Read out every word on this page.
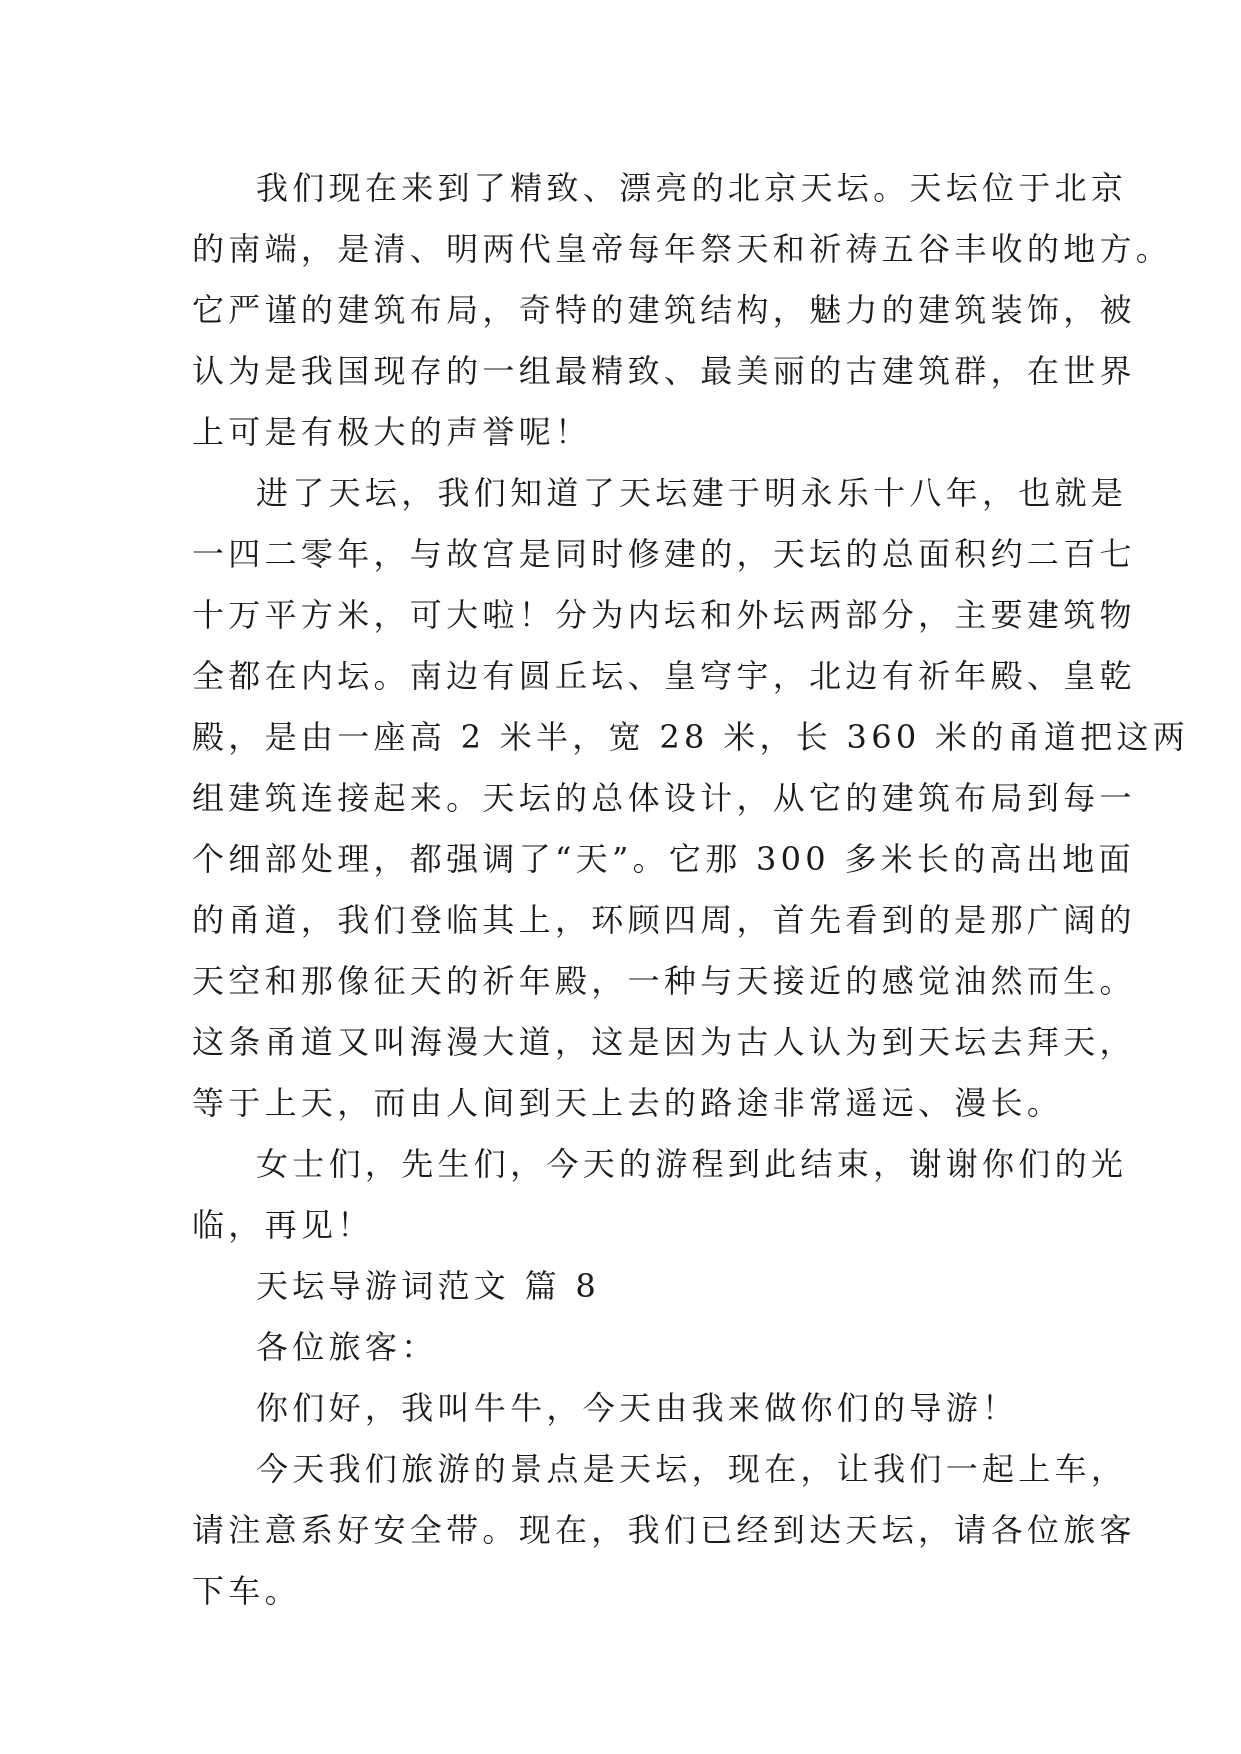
我们现在来到了精致、漂亮的北京天坛。天坛位于北京
的南端，是清、明两代皇帝每年祭天和祈祷五谷丰收的地方。
它严谨的建筑布局，奇特的建筑结构，魅力的建筑装饰，被
认为是我国现存的一组最精致、最美丽的古建筑群，在世界
上可是有极大的声誉呢！
进了天坛，我们知道了天坛建于明永乐十八年，也就是
一四二零年，与故宫是同时修建的，天坛的总面积约二百七
十万平方米，可大啦！分为内坛和外坛两部分，主要建筑物
全都在内坛。南边有圆丘坛、皇穹宇，北边有祈年殿、皇乾
殿，是由一座高 2 米半，宽 28 米，长 360 米的甬道把这两
组建筑连接起来。天坛的总体设计，从它的建筑布局到每一
个细部处理，都强调了“天”。它那 300 多米长的高出地面
的甬道，我们登临其上，环顾四周，首先看到的是那广阔的
天空和那像征天的祈年殿，一种与天接近的感觉油然而生。
这条甬道又叫海漫大道，这是因为古人认为到天坛去拜天，
等于上天，而由人间到天上去的路途非常遥远、漫长。
女士们，先生们，今天的游程到此结束，谢谢你们的光
临，再见！
天坛导游词范文 篇 8
各位旅客：
你们好，我叫牛牛，今天由我来做你们的导游！
今天我们旅游的景点是天坛，现在，让我们一起上车，
请注意系好安全带。现在，我们已经到达天坛，请各位旅客
下车。
